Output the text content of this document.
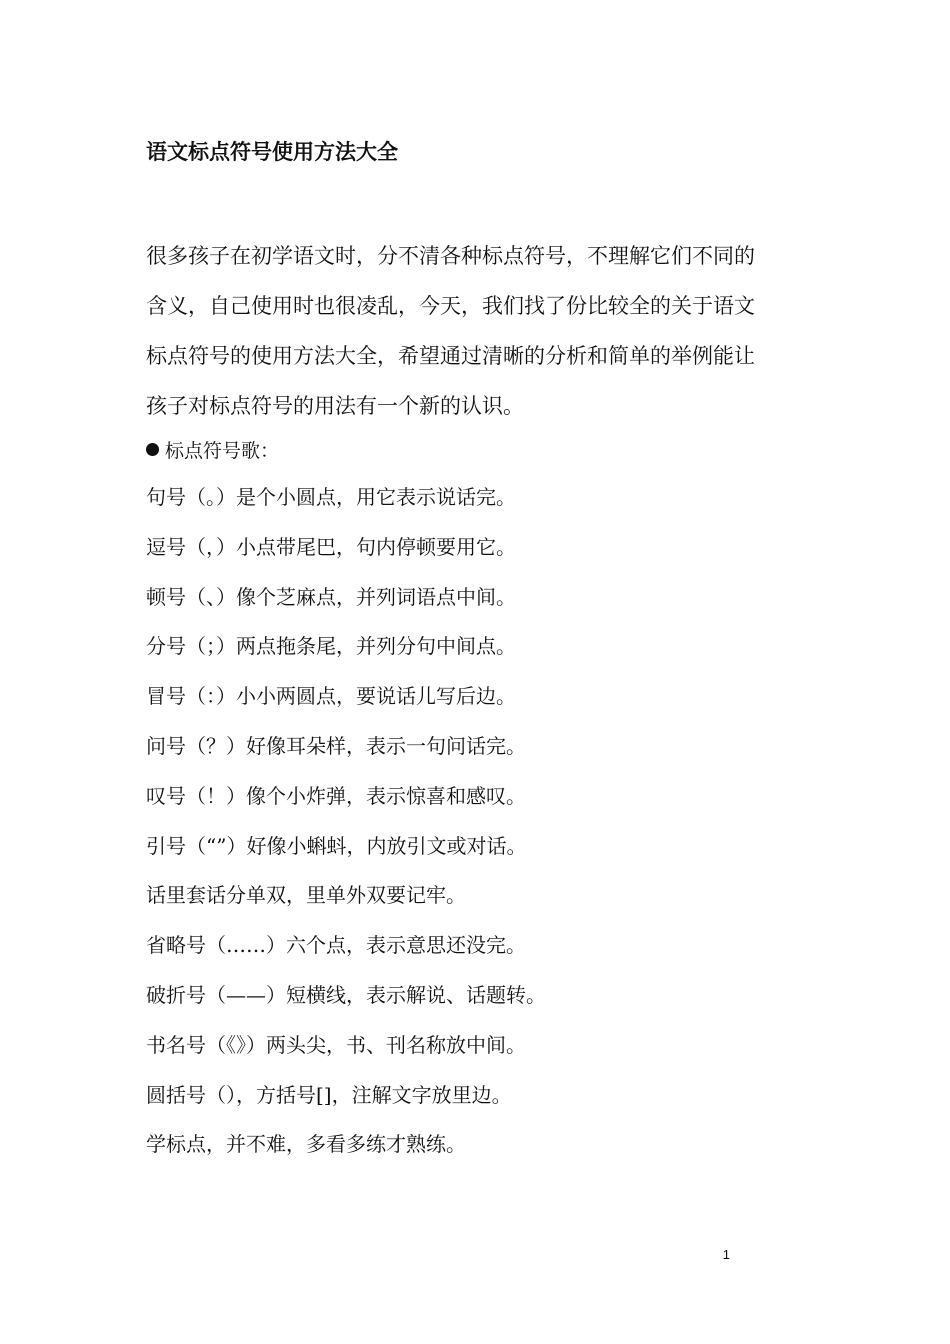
语文标点符号使用方法大全
很多孩子在初学语文时，分不清各种标点符号，不理解它们不同的
含义，自己使用时也很凌乱，今天，我们找了份比较全的关于语文
标点符号的使用方法大全，希望通过清晰的分析和简单的举例能让
孩子对标点符号的用法有一个新的认识。
标点符号歌：
句号（。）是个小圆点，用它表示说话完。
逗号（，）小点带尾巴，句内停顿要用它。
顿号（、）像个芝麻点，并列词语点中间。
分号（；）两点拖条尾，并列分句中间点。
冒号（：）小小两圆点，要说话儿写后边。
问号（？）好像耳朵样，表示一句问话完。
叹号（！）像个小炸弹，表示惊喜和感叹。
引号（“”）好像小蝌蚪，内放引文或对话。
话里套话分单双，里单外双要记牢。
省略号（……）六个点，表示意思还没完。
破折号（——）短横线，表示解说、话题转。
书名号（《》）两头尖，书、刊名称放中间。
圆括号（），方括号[]，注解文字放里边。
学标点，并不难，多看多练才熟练。
1
